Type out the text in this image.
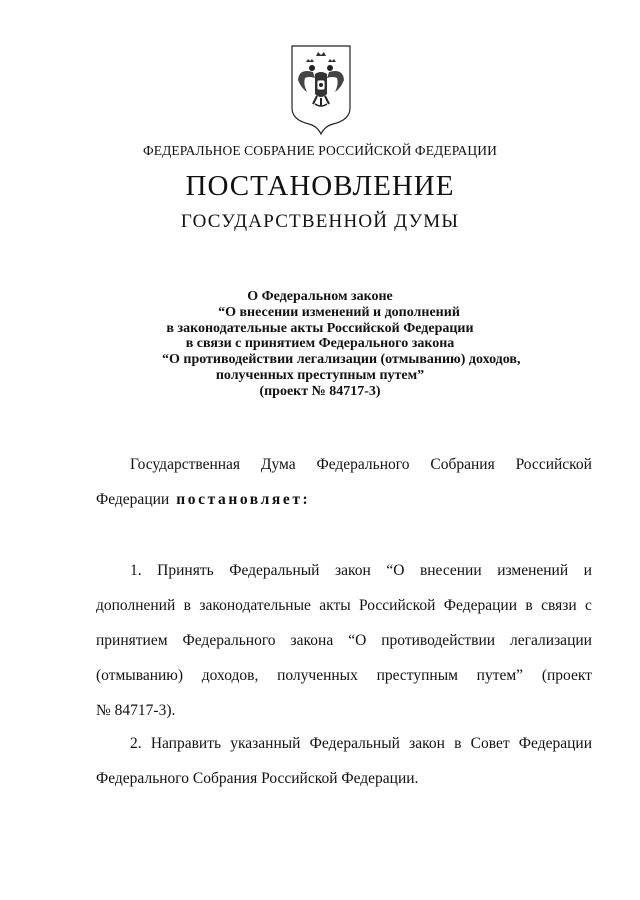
ФЕДЕРАЛЬНОЕ СОБРАНИЕ РОССИЙСКОЙ ФЕДЕРАЦИИ
ПОСТАНОВЛЕНИЕ
ГОСУДАРСТВЕННОЙ ДУМЫ
О Федеральном законе
“О внесении изменений и дополнений
в законодательные акты Российской Федерации
в связи с принятием Федерального закона
“О противодействии легализации (отмыванию) доходов,
полученных преступным путем”
(проект № 84717-3)
Государственная Дума Федерального Собрания Российской
Федерации постановляет:
1. Принять Федеральный закон “О внесении изменений и
дополнений в законодательные акты Российской Федерации в связи с
принятием Федерального закона “О противодействии легализации
(отмыванию) доходов, полученных преступным путем” (проект
№ 84717-3).
2. Направить указанный Федеральный закон в Совет Федерации
Федерального Собрания Российской Федерации.
